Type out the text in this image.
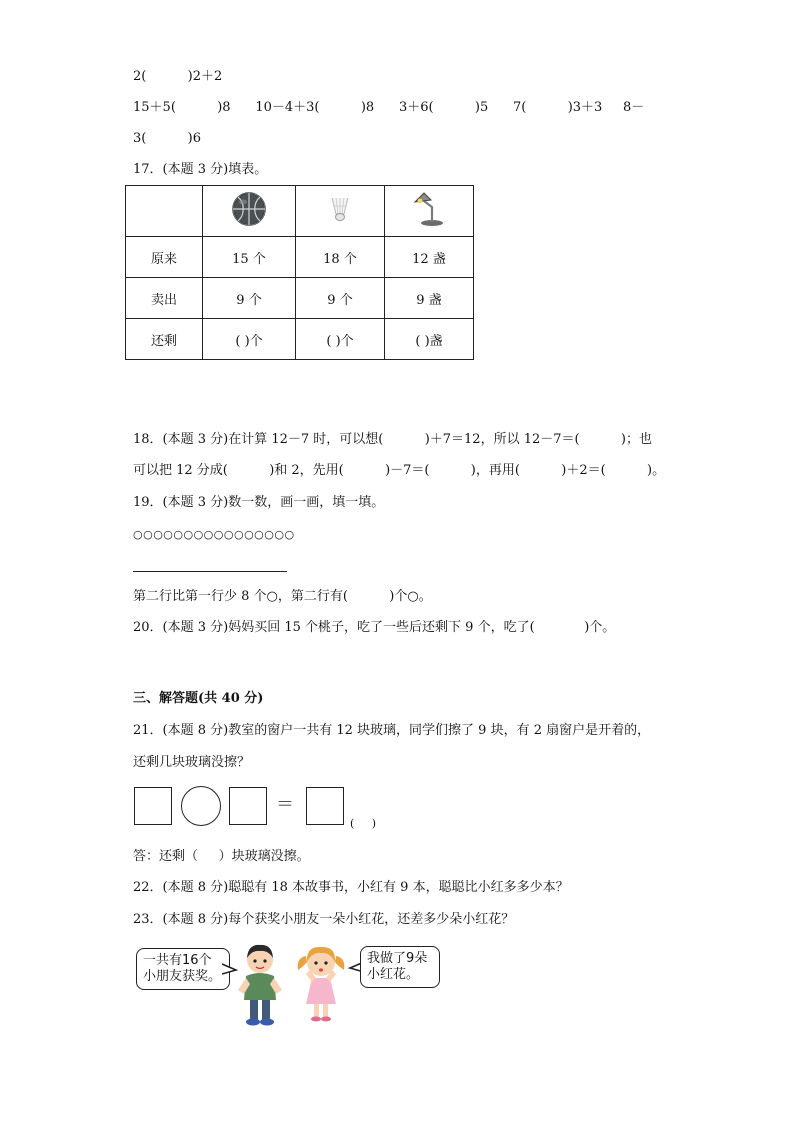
2(          )2＋2
15＋5(          )8      10－4＋3(          )8      3＋6(          )5      7(          )3＋3     8－
3(          )6
17．(本题 3 分)填表。

原来	15 个	18 个	12 盏
卖出	9 个	9 个	9 盏
还剩	( )个	( )个	( )盏
18．(本题 3 分)在计算 12－7 时，可以想(          )＋7＝12，所以 12－7＝(          )；也
可以把 12 分成(          )和 2，先用(          )－7＝(          )，再用(          )＋2＝(          )。
19．(本题 3 分)数一数，画一画，填一填。
○○○○○○○○○○○○○○○○
第二行比第一行少 8 个○，第二行有(          )个○。
20．(本题 3 分)妈妈买回 15 个桃子，吃了一些后还剩下 9 个，吃了(            )个。
三、解答题(共 40 分)
21．(本题 8 分)教室的窗户一共有 12 块玻璃，同学们擦了 9 块，有 2 扇窗户是开着的，
还剩几块玻璃没擦？
＝
(     )
答：还剩（     ）块玻璃没擦。
22．(本题 8 分)聪聪有 18 本故事书，小红有 9 本，聪聪比小红多多少本？
23．(本题 8 分)每个获奖小朋友一朵小红花，还差多少朵小红花？
一共有16个
小朋友获奖。
我做了9朵
小红花。
